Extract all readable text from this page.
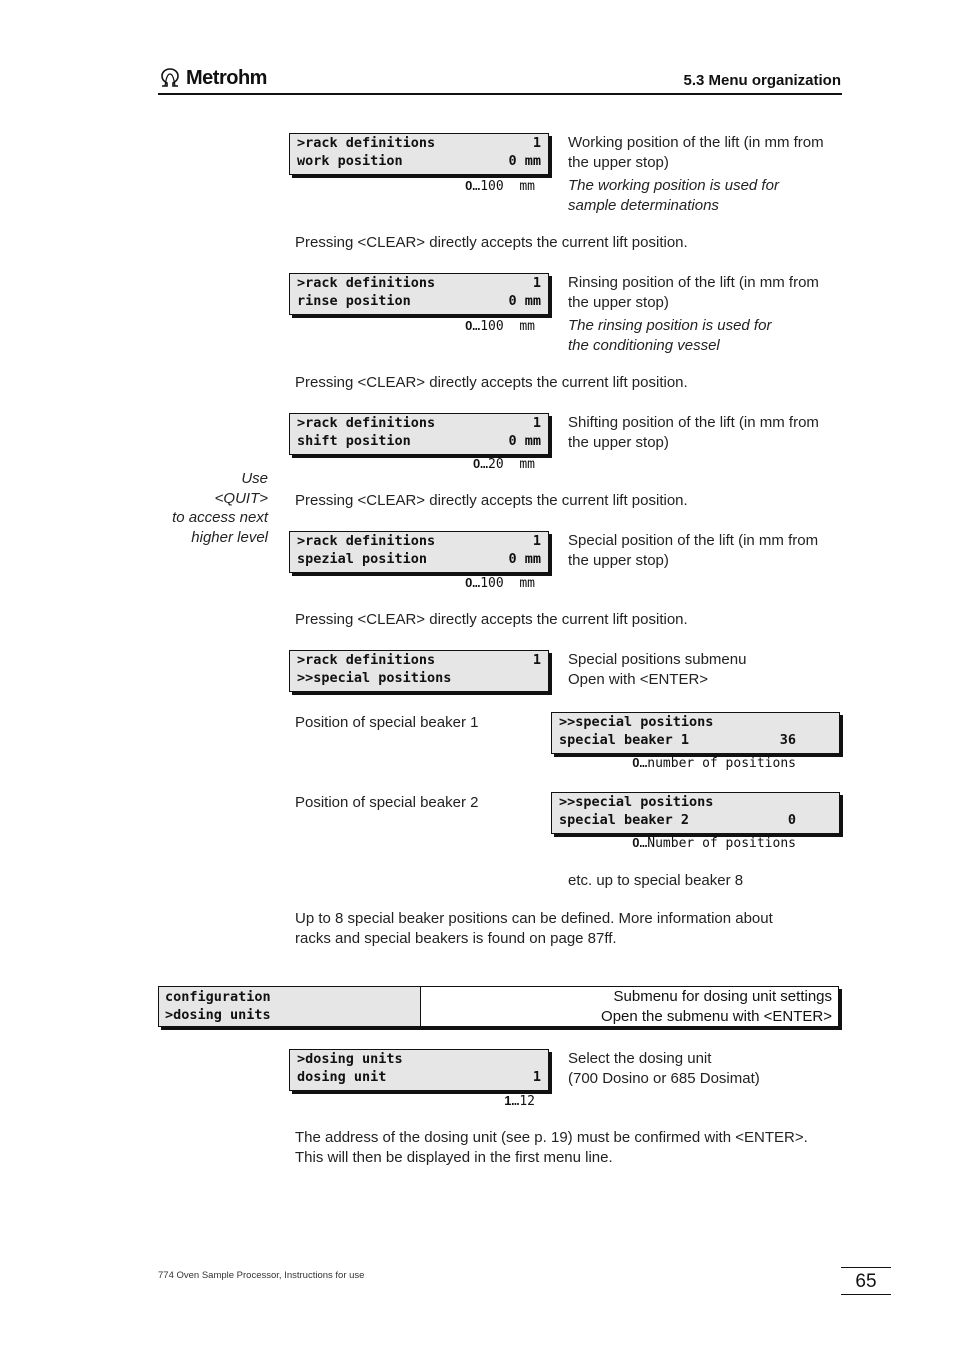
Metrohm	5.3 Menu organization
>rack definitions	1
work position	0 mm
0…100  mm
Working position of the lift (in mm from
the upper stop)
The working position is used for
sample determinations
Pressing <CLEAR> directly accepts the current lift position.
>rack definitions	1
rinse position	0 mm
0…100  mm
Rinsing position of the lift (in mm from
the upper stop)
The rinsing position is used for
the conditioning vessel
Pressing <CLEAR> directly accepts the current lift position.
>rack definitions	1
shift position	0 mm
0…20  mm
Shifting position of the lift (in mm from
the upper stop)
Use
<QUIT>
to access next
higher level
Pressing <CLEAR> directly accepts the current lift position.
>rack definitions	1
spezial position	0 mm
0…100  mm
Special position of the lift (in mm from
the upper stop)
Pressing <CLEAR> directly accepts the current lift position.
>rack definitions	1
>>special positions
Special positions submenu
Open with <ENTER>
Position of special beaker 1	>>special positions
special beaker 1	36
0…number of positions
Position of special beaker 2	>>special positions
special beaker 2	0
0…Number of positions
etc. up to special beaker 8
Up to 8 special beaker positions can be defined. More information about
racks and special beakers is found on page 87ff.
configuration
>dosing units
Submenu for dosing unit settings
Open the submenu with <ENTER>
>dosing units
dosing unit	1
1…12
Select the dosing unit
(700 Dosino or 685 Dosimat)
The address of the dosing unit (see p. 19) must be confirmed with <ENTER>.
This will then be displayed in the first menu line.
774 Oven Sample Processor, Instructions for use	65
